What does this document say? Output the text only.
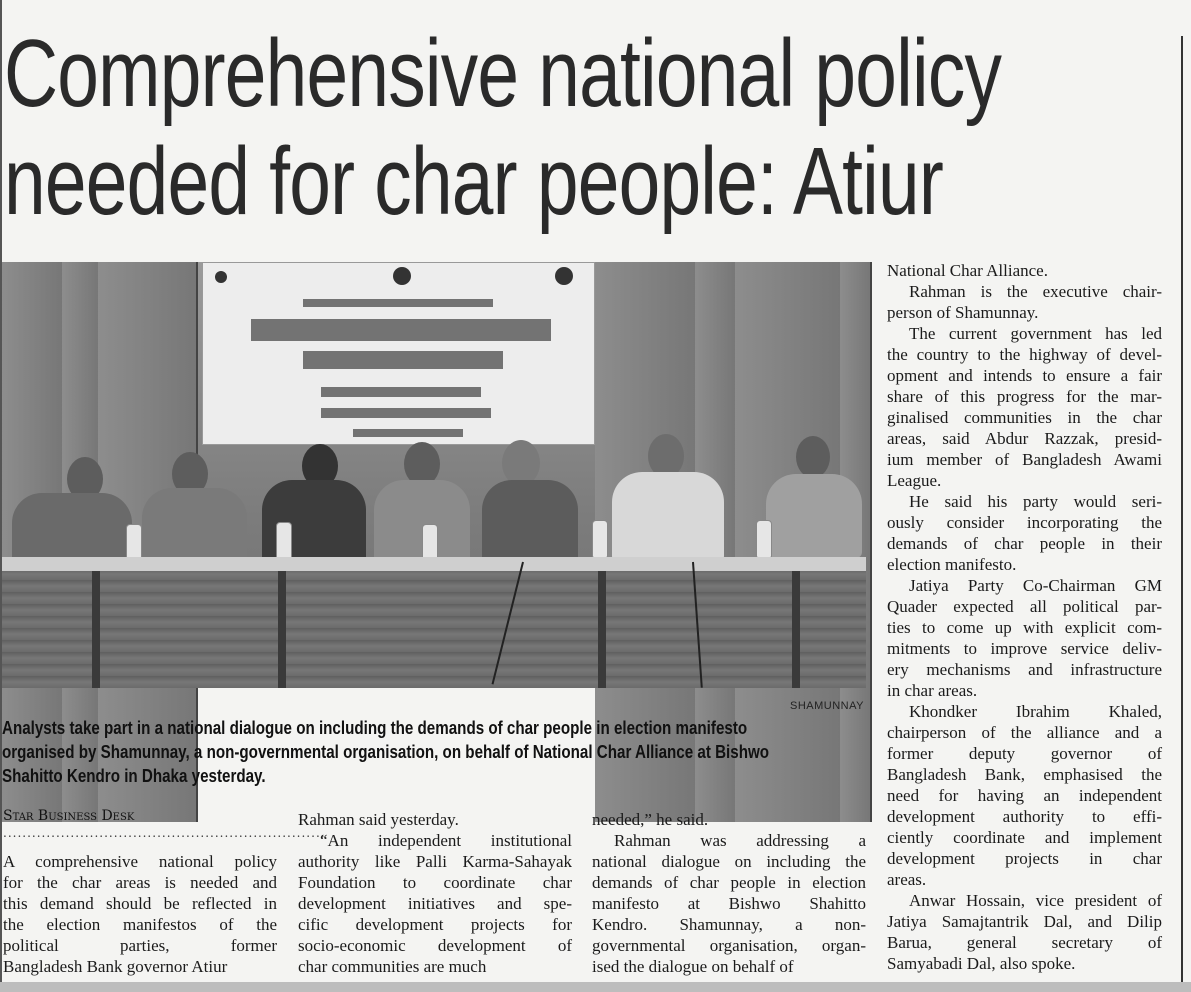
Comprehensive national policy
needed for char people: Atiur
SHAMUNNAY

Analysts take part in a national dialogue on including the demands of char people in election manifesto
organised by Shamunnay, a non-governmental organisation, on behalf of National Char Alliance at Bishwo
Shahitto Kendro in Dhaka yesterday.

Star Business Desk
...................................................................
A comprehensive national policy
for the char areas is needed and
this demand should be reflected in
the election manifestos of the
political parties, former
Bangladesh Bank governor Atiur
Rahman said yesterday.
“An independent institutional
authority like Palli Karma-Sahayak
Foundation to coordinate char
development initiatives and spe-
cific development projects for
socio-economic development of
char communities are much
needed,” he said.
Rahman was addressing a
national dialogue on including the
demands of char people in election
manifesto at Bishwo Shahitto
Kendro. Shamunnay, a non-
governmental organisation, organ-
ised the dialogue on behalf of
National Char Alliance.
Rahman is the executive chair-
person of Shamunnay.
The current government has led
the country to the highway of devel-
opment and intends to ensure a fair
share of this progress for the mar-
ginalised communities in the char
areas, said Abdur Razzak, presid-
ium member of Bangladesh Awami
League.
He said his party would seri-
ously consider incorporating the
demands of char people in their
election manifesto.
Jatiya Party Co-Chairman GM
Quader expected all political par-
ties to come up with explicit com-
mitments to improve service deliv-
ery mechanisms and infrastructure
in char areas.
Khondker Ibrahim Khaled,
chairperson of the alliance and a
former deputy governor of
Bangladesh Bank, emphasised the
need for having an independent
development authority to effi-
ciently coordinate and implement
development projects in char
areas.
Anwar Hossain, vice president of
Jatiya Samajtantrik Dal, and Dilip
Barua, general secretary of
Samyabadi Dal, also spoke.
